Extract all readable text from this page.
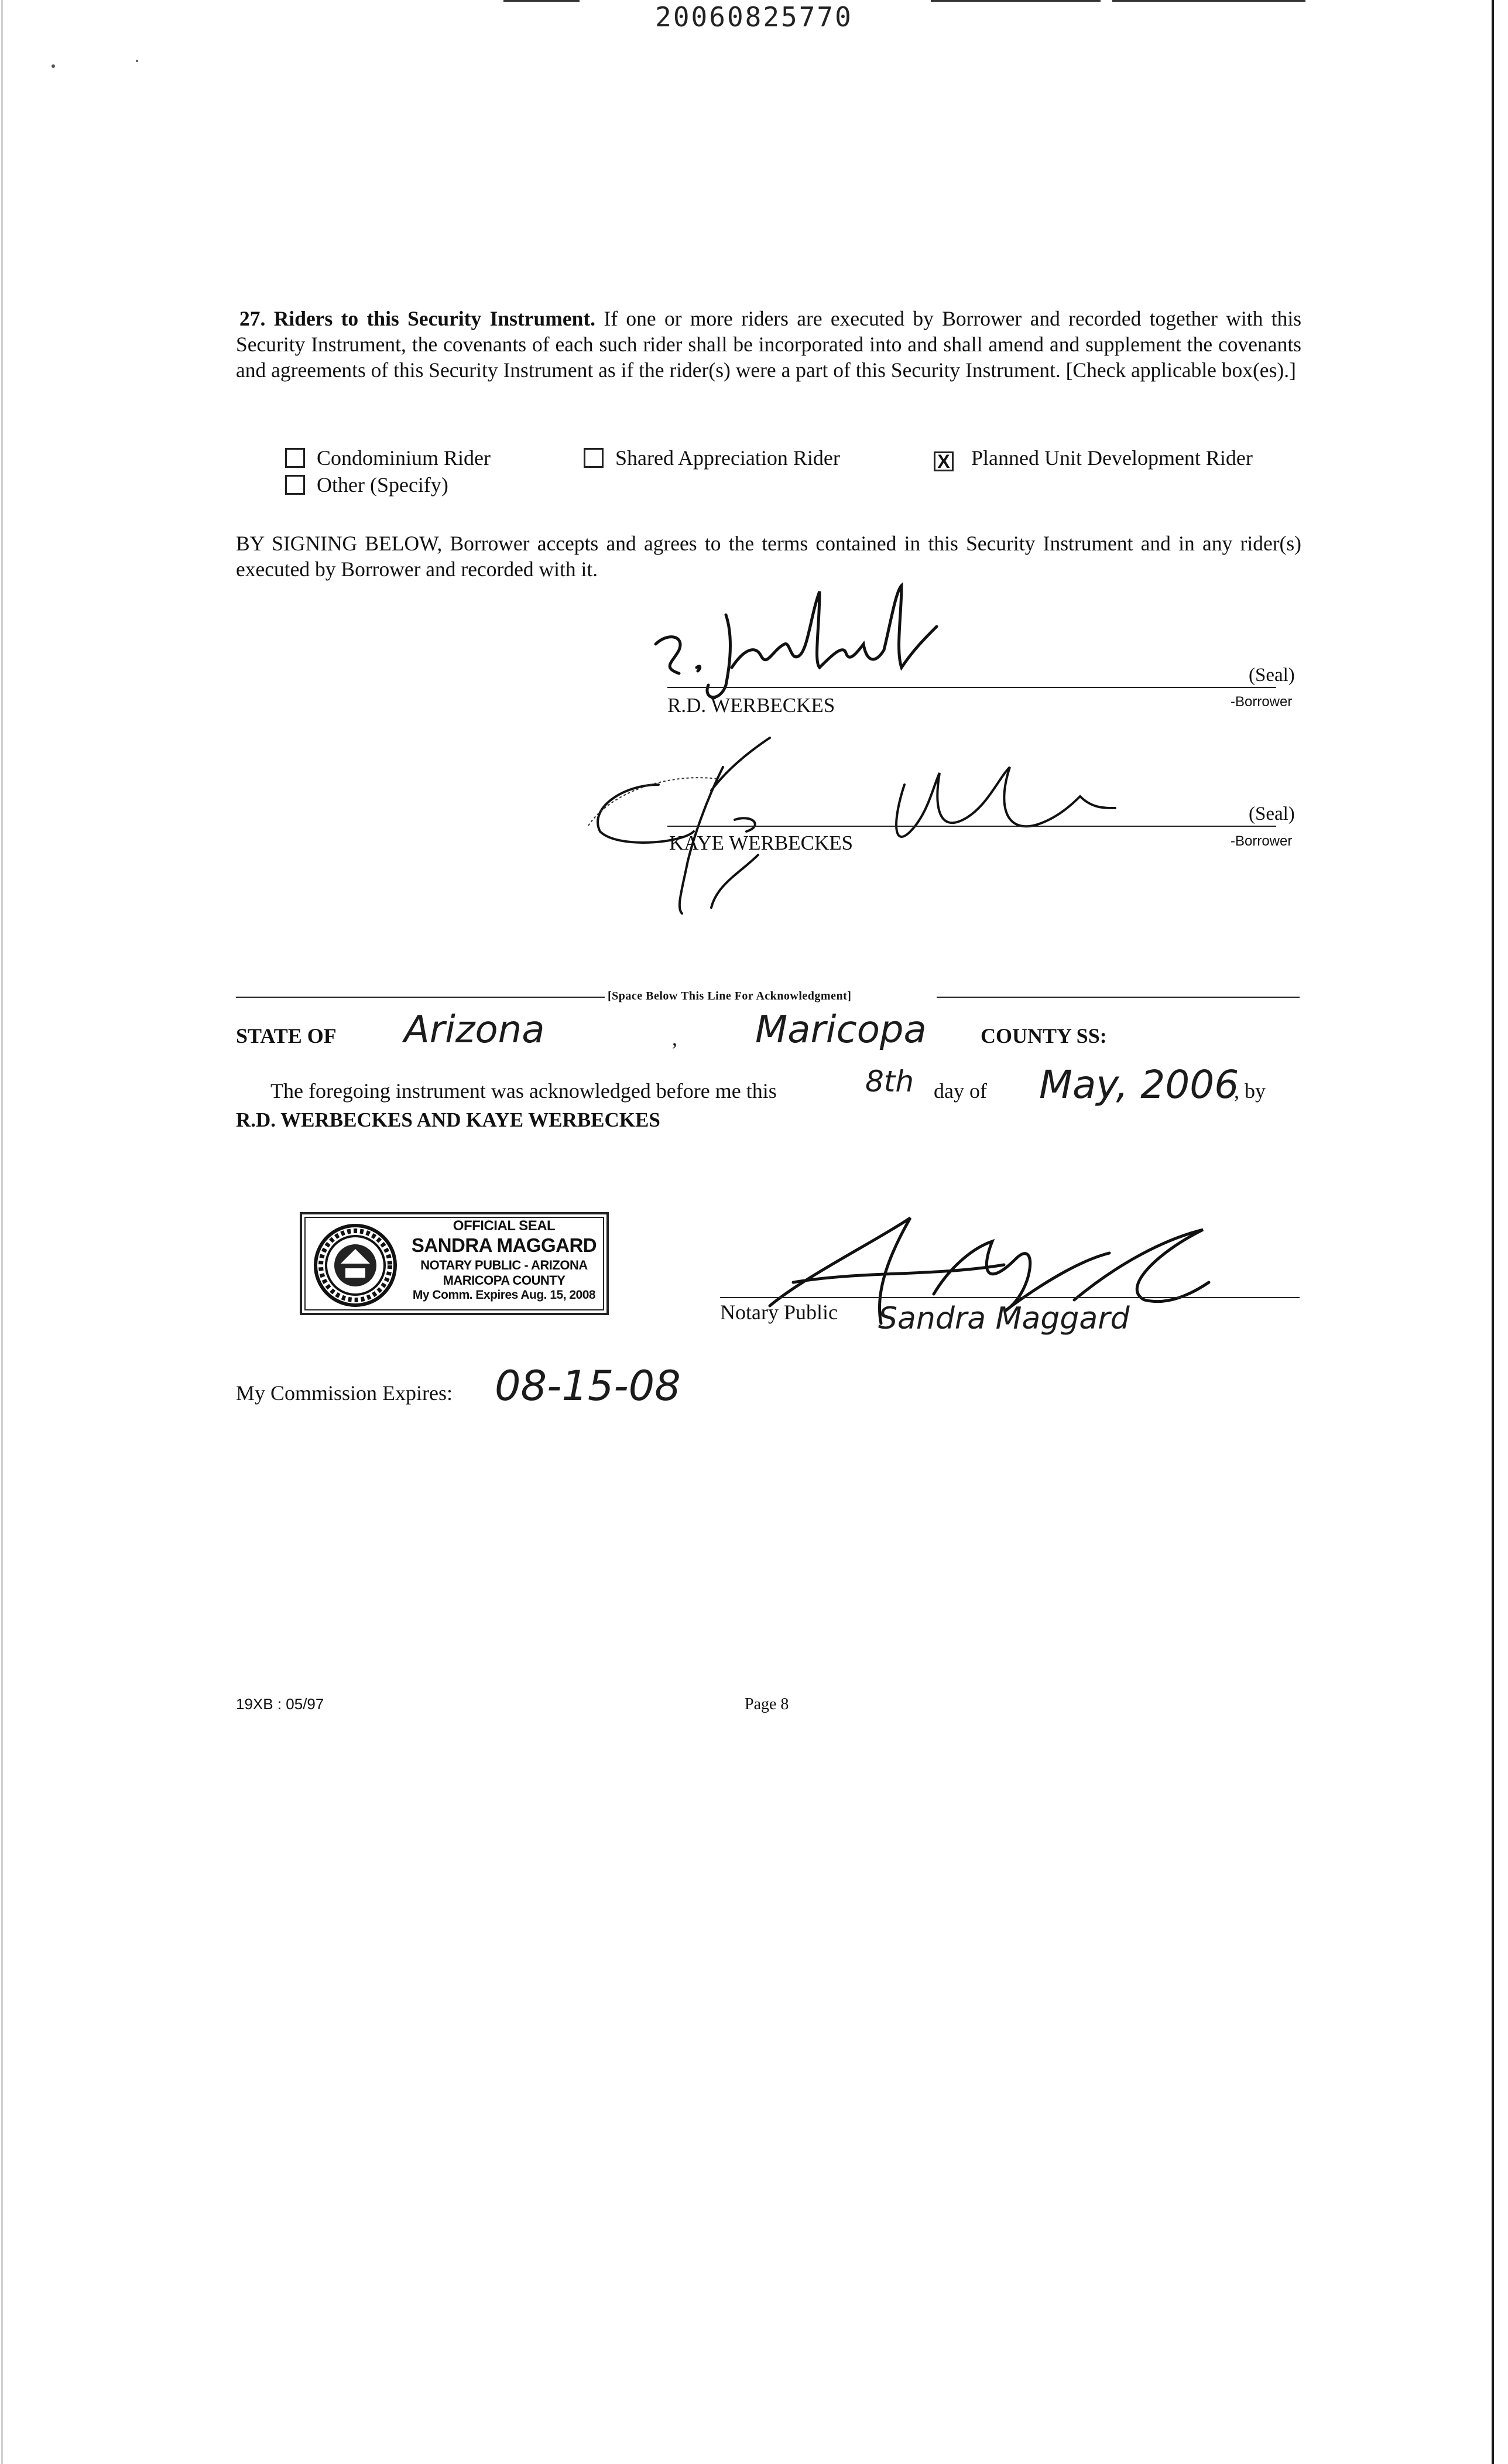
20060825770
27. Riders to this Security Instrument. If one or more riders are executed by Borrower and recorded together with this Security Instrument, the covenants of each such rider shall be incorporated into and shall amend and supplement the covenants and agreements of this Security Instrument as if the rider(s) were a part of this Security Instrument. [Check applicable box(es).]
Condominium Rider	Shared Appreciation Rider	X Planned Unit Development Rider
Other (Specify)
BY SIGNING BELOW, Borrower accepts and agrees to the terms contained in this Security Instrument and in any rider(s) executed by Borrower and recorded with it.
(Seal)
R.D. WERBECKES	-Borrower
(Seal)
KAYE WERBECKES	-Borrower
[Space Below This Line For Acknowledgment]
STATE OF Arizona	, Maricopa	COUNTY SS:
The foregoing instrument was acknowledged before me this	8th day of May, 2006
, by
R.D. WERBECKES AND KAYE WERBECKES
OFFICIAL SEAL
SANDRA MAGGARD
NOTARY PUBLIC - ARIZONA
MARICOPA COUNTY
My Comm. Expires Aug. 15, 2008
Notary Public Sandra Maggard
My Commission Expires: 08-15-08
19XB : 05/97	Page 8
